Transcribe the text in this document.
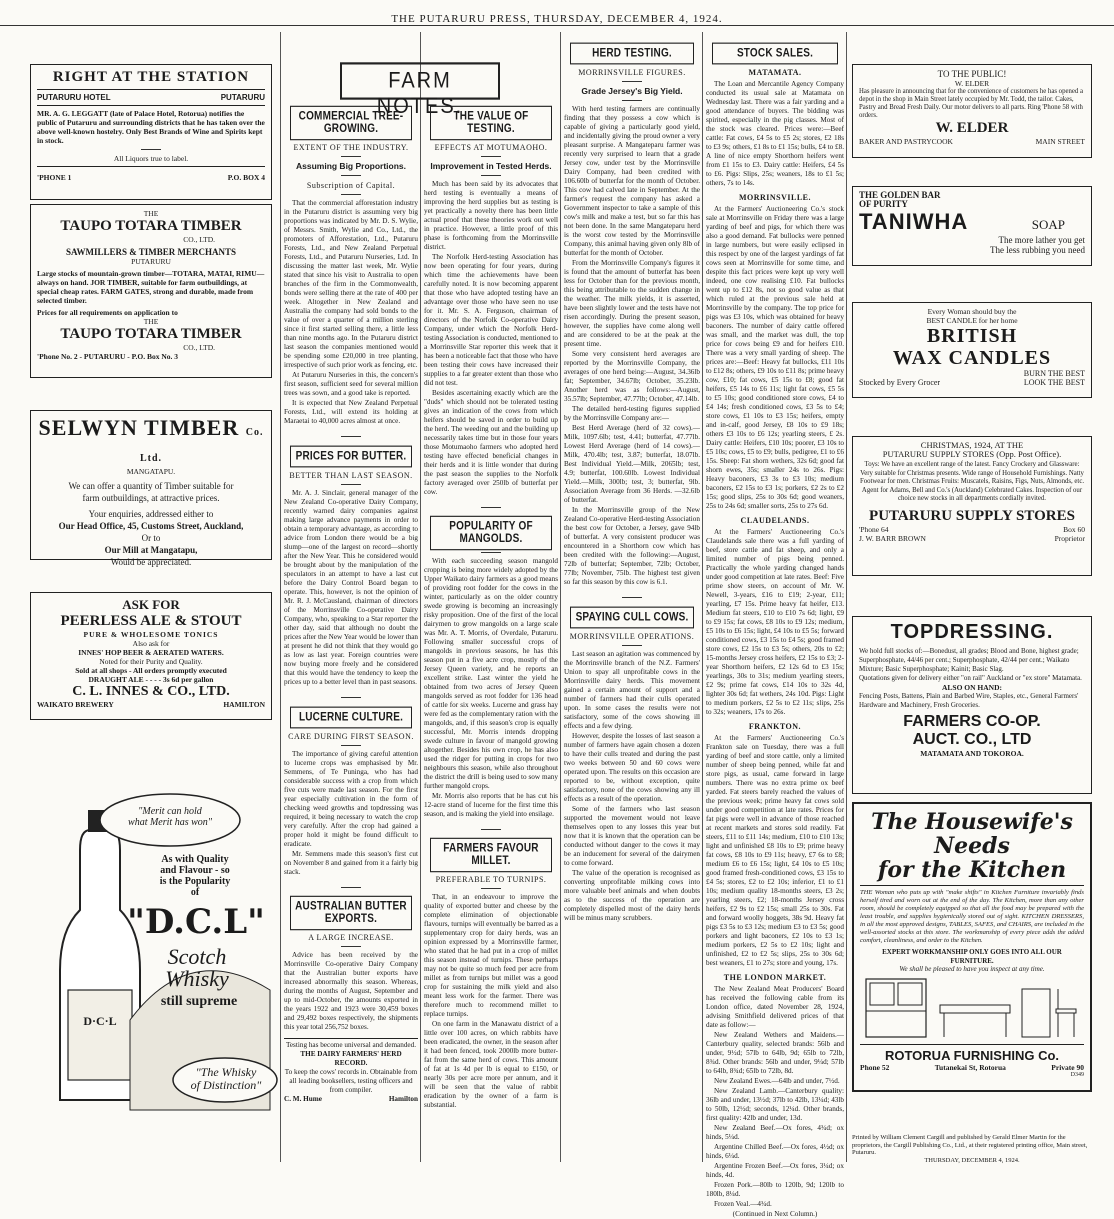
THE PUTARURU PRESS, THURSDAY, DECEMBER 4, 1924.
RIGHT AT THE STATION
PUTARURU HOTEL	PUTARURU
MR. A. G. LEGGATT (late of Palace Hotel, Rotorua) notifies the public of Putaruru and surrounding districts that he has taken over the above well-known hostelry. Only Best Brands of Wine and Spirits kept in stock.
All Liquors true to label.
'PHONE 1	P.O. BOX 4
THE
TAUPO TOTARA TIMBER
CO., LTD.
SAWMILLERS & TIMBER MERCHANTS
PUTARURU
Large stocks of mountain-grown timber—TOTARA, MATAI, RIMU—always on hand. JOR TIMBER, suitable for farm outbuildings, at special cheap rates. FARM GATES, strong and durable, made from selected timber.
Prices for all requirements on application to
THE
TAUPO TOTARA TIMBER
CO., LTD.
'Phone No. 2 - PUTARURU - P.O. Box No. 3
SELWYN TIMBER Co. Ltd.
MANGATAPU.
We can offer a quantity of Timber suitable for
farm outbuildings, at attractive prices.
Your enquiries, addressed either to
Our Head Office, 45, Customs Street, Auckland,
Or to
Our Mill at Mangatapu,
Would be appreciated.
ASK FOR
PEERLESS ALE & STOUT
PURE & WHOLESOME TONICS
Also ask for
INNES' HOP BEER & AERATED WATERS.
Noted for their Purity and Quality.
Sold at all shops - All orders promptly executed
DRAUGHT ALE - - - - 3s 6d per gallon
C. L. INNES & CO., LTD.
WAIKATO BREWERY	HAMILTON
"Merit can hold
what Merit has won"
As with Quality
and Flavour - so
is the Popularity
of
"D.C.L"
Scotch
Whisky
still supreme
D·C·L
"The Whisky
of Distinction"
FARM NOTES.
COMMERCIAL TREE-GROWING.
EXTENT OF THE INDUSTRY.
Assuming Big Proportions.
Subscription of Capital.

That the commercial afforestation industry in the Putaruru district is assuming very big proportions was indicated by Mr. D. S. Wylie, of Messrs. Smith, Wylie and Co., Ltd., the promoters of Afforestation, Ltd., Putaruru Forests, Ltd., and New Zealand Perpetual Forests, Ltd., and Putaruru Nurseries, Ltd. In discussing the matter last week, Mr. Wylie stated that since his visit to Australia to open branches of the firm in the Commonwealth, bonds were selling there at the rate of 400 per week. Altogether in New Zealand and Australia the company had sold bonds to the value of over a quarter of a million sterling since it first started selling there, a little less than nine months ago. In the Putaruru district last season the companies mentioned would be spending some £20,000 in tree planting, irrespective of such prior work as fencing, etc.

At Putaruru Nurseries in this, the concern's first season, sufficient seed for several million trees was sown, and a good take is reported.

It is expected that New Zealand Perpetual Forests, Ltd., will extend its holding at Maraetai to 40,000 acres almost at once.

PRICES FOR BUTTER.
BETTER THAN LAST SEASON.

Mr. A. J. Sinclair, general manager of the New Zealand Co-operative Dairy Company, recently warned dairy companies against making large advance payments in order to obtain a temporary advantage, as according to advice from London there would be a big slump—one of the largest on record—shortly after the New Year. This he considered would be brought about by the manipulation of the speculators in an attempt to have a last cut before the Dairy Control Board began to operate. This, however, is not the opinion of Mr. R. J. McCausland, chairman of directors of the Morrinsville Co-operative Dairy Company, who, speaking to a Star reporter the other day, said that although no doubt the prices after the New Year would be lower than at present he did not think that they would go as low as last year. Foreign countries were now buying more freely and he considered that this would have the tendency to keep the prices up to a better level than in past seasons.

LUCERNE CULTURE.
CARE DURING FIRST SEASON.

The importance of giving careful attention to lucerne crops was emphasised by Mr. Semmens, of Te Puninga, who has had considerable success with a crop from which five cuts were made last season. For the first year especially cultivation in the form of checking weed growths and topdressing was required, it being necessary to watch the crop very carefully. After the crop had gained a proper hold it might be found difficult to eradicate.

Mr. Semmens made this season's first cut on November 8 and gained from it a fairly big stack.

AUSTRALIAN BUTTER EXPORTS.
A LARGE INCREASE.

Advice has been received by the Morrinsville Co-operative Dairy Company that the Australian butter exports have increased abnormally this season. Whereas, during the months of August, September and up to mid-October, the amounts exported in the years 1922 and 1923 were 30,459 boxes and 29,492 boxes respectively, the shipments this year total 256,752 boxes.

Testing has become universal and demanded.
THE DAIRY FARMERS' HERD RECORD.
To keep the cows' records in. Obtainable from all leading booksellers, testing officers and from compiler.
C. M. Hume	Hamilton
THE VALUE OF TESTING.
EFFECTS AT MOTUMAOHO.
Improvement in Tested Herds.

Much has been said by its advocates that herd testing is eventually a means of improving the herd supplies but as testing is yet practically a novelty there has been little actual proof that these theories work out well in practice. However, a little proof of this phase is forthcoming from the Morrinsville district.

The Norfolk Herd-testing Association has now been operating for four years, during which time the achievements have been carefully noted. It is now becoming apparent that those who have adopted testing have an advantage over those who have seen no use for it. Mr. S. A. Ferguson, chairman of directors of the Norfolk Co-operative Dairy Company, under which the Norfolk Herd-testing Association is conducted, mentioned to a Morrinsville Star reporter this week that it has been a noticeable fact that those who have been testing their cows have increased their supplies to a far greater extent than those who did not test.

Besides ascertaining exactly which are the "duds" which should not be tolerated testing gives an indication of the cows from which heifers should be saved in order to build up the herd. The weeding out and the building up necessarily takes time but in those four years those Motumaoho farmers who adopted herd testing have effected beneficial changes in their herds and it is little wonder that during the past season the supplies to the Norfolk factory averaged over 250lb of butterfat per cow.

POPULARITY OF MANGOLDS.

With each succeeding season mangold cropping is being more widely adopted by the Upper Waikato dairy farmers as a good means of providing root fodder for the cows in the winter, particularly as on the older country swede growing is becoming an increasingly risky proposition. One of the first of the local dairymen to grow mangolds on a large scale was Mr. A. T. Morris, of Overdale, Putaruru. Following smaller successful crops of mangolds in previous seasons, he has this season put in a five acre crop, mostly of the Jersey Queen variety, and he reports an excellent strike. Last winter the yield he obtained from two acres of Jersey Queen mangolds served as root fodder for 136 head of cattle for six weeks. Lucerne and grass hay were fed as the complementary ration with the mangolds, and, if this season's crop is equally successful, Mr. Morris intends dropping swede culture in favour of mangold growing altogether. Besides his own crop, he has also used the ridger for putting in crops for two neighbours this season, while also throughout the district the drill is being used to sow many further mangold crops.

Mr. Morris also reports that he has cut his 12-acre stand of lucerne for the first time this season, and is making the yield into ensilage.

FARMERS FAVOUR MILLET.
PREFERABLE TO TURNIPS.

That, in an endeavour to improve the quality of exported butter and cheese by the complete elimination of objectionable flavours, turnips will eventually be barred as a supplementary crop for dairy herds, was an opinion expressed by a Morrinsville farmer, who stated that he had put in a crop of millet this season instead of turnips. These perhaps may not be quite so much feed per acre from millet as from turnips but millet was a good crop for sustaining the milk yield and also meant less work for the farmer. There was therefore much to recommend millet to replace turnips.

On one farm in the Manawatu district of a little over 100 acres, on which rabbits have been eradicated, the owner, in the season after it had been fenced, took 2000lb more butter-fat from the same herd of cows. This amount of fat at 1s 4d per lb is equal to £150, or nearly 30s per acre more per annum, and it will be seen that the value of rabbit eradication by the owner of a farm is substantial.

HERD TESTING.
MORRINSVILLE FIGURES.
Grade Jersey's Big Yield.

With herd testing farmers are continually finding that they possess a cow which is capable of giving a particularly good yield, and incidentally giving the proud owner a very pleasant surprise. A Mangateparu farmer was recently very surprised to learn that a grade Jersey cow, under test by the Morrinsville Dairy Company, had been credited with 106.60lb of butterfat for the month of October. This cow had calved late in September. At the farmer's request the company has asked a Government inspector to take a sample of this cow's milk and make a test, but so far this has not been done. In the same Mangateparu herd is the worst cow tested by the Morrinsville Company, this animal having given only 8lb of butterfat for the month of October.

From the Morrinsville Company's figures it is found that the amount of butterfat has been less for October than for the previous month, this being attributable to the sudden change in the weather. The milk yields, it is asserted, have been slightly lower and the tests have not risen accordingly. During the present season, however, the supplies have come along well and are considered to be at the peak at the present time.

Some very consistent herd averages are reported by the Morrinsville Company, the averages of one herd being:—August, 34.36lb fat; September, 34.67lb; October, 35.23lb. Another herd was as follows:—August, 35.57lb; September, 47.77lb; October, 47.14lb.

The detailed herd-testing figures supplied by the Morrinsville Company are:—

Best Herd Average (herd of 32 cows).—Milk, 1097.6lb; test, 4.41; butterfat, 47.77lb. Lowest Herd Average (herd of 14 cows).—Milk, 470.4lb; test, 3.87; butterfat, 18.07lb. Best Individual Yield.—Milk, 2065lb; test, 4.9; butterfat, 100.60lb. Lowest Individual Yield.—Milk, 300lb; test, 3; butterfat, 9lb. Association Average from 36 Herds. —32.6lb of butterfat.

In the Morrinsville group of the New Zealand Co-operative Herd-testing Association the best cow for October, a Jersey, gave 94lb of butterfat. A very consistent producer was encountered in a Shorthorn cow which has been credited with the following:—August, 72lb of butterfat; September, 72lb; October, 77lb; November, 75lb. The highest test given so far this season by this cow is 6.1.

SPAYING CULL COWS.
MORRINSVILLE OPERATIONS.

Last season an agitation was commenced by the Morrinsville branch of the N.Z. Farmers' Union to spay all unprofitable cows in the Morrinsville dairy herds. This movement gained a certain amount of support and a number of farmers had their culls operated upon. In some cases the results were not satisfactory, some of the cows showing ill effects and a few dying.

However, despite the losses of last season a number of farmers have again chosen a dozen to have their culls treated and during the past two weeks between 50 and 60 cows were operated upon. The results on this occasion are reported to be, without exception, quite satisfactory, none of the cows showing any ill effects as a result of the operation.

Some of the farmers who last season supported the movement would not leave themselves open to any losses this year but now that it is known that the operation can be conducted without danger to the cows it may be an inducement for several of the dairymen to come forward.

The value of the operation is recognised as converting unprofitable milking cows into more valuable beef animals and when doubts as to the success of the operation are completely dispelled most of the dairy herds will be minus many scrubbers.

STOCK SALES.
MATAMATA.

The Loan and Mercantile Agency Company conducted its usual sale at Matamata on Wednesday last. There was a fair yarding and a good attendance of buyers. The bidding was spirited, especially in the pig classes. Most of the stock was cleared. Prices were:—Beef cattle: Fat cows, £4 5s to £5 2s; stores, £2 18s to £3 9s; others, £1 8s to £1 15s; bulls, £4 to £8. A line of nice empty Shorthorn heifers went from £1 15s to £3. Dairy cattle: Heifers, £4 5s to £6. Pigs: Slips, 25s; weaners, 18s to £1 5s; others, 7s to 14s.

MORRINSVILLE.

At the Farmers' Auctioneering Co.'s stock sale at Morrinsville on Friday there was a large yarding of beef and pigs, for which there was also a good demand. Fat bullocks were penned in large numbers, but were easily eclipsed in this respect by one of the largest yardings of fat cows seen at Morrinsville for some time, and despite this fact prices were kept up very well indeed, one cow realising £10. Fat bullocks went up to £12 8s, not so good value as that which ruled at the previous sale held at Morrinsville by the company. The top price for pigs was £3 10s, which was obtained for heavy baconers. The number of dairy cattle offered was small, and the market was dull, the top price for cows being £9 and for heifers £10. There was a very small yarding of sheep. The prices are:—Beef: Heavy fat bullocks, £11 10s to £12 8s; others, £9 10s to £11 8s; prime heavy cow, £10; fat cows, £5 15s to £8; good fat heifers, £5 14s to £6 11s; light fat cows, £5 5s to £5 10s; good conditioned store cows, £4 to £4 14s; fresh conditioned cows, £3 5s to £4; store cows, £1 10s to £3 15s; heifers, empty and in-calf, good Jersey, £8 10s to £9 18s; others £3 10s to £6 12s; yearling steers, £ 2s. Dairy cattle: Heifers, £10 10s; poorer, £3 10s to £5 10s; cows, £5 to £9; bulls, pedigree, £1 to £6 15s. Sheep: Fat shorn wethers, 32s 6d; good fat shorn ewes, 35s; smaller 24s to 26s. Pigs: Heavy baconers, £3 3s to £3 10s; medium baconers, £2 15s to £3 1s; porkers, £2 2s to £2 15s; good slips, 25s to 30s 6d; good weaners, 25s to 24s 6d; smaller sorts, 25s to 27s 6d.

CLAUDELANDS.

At the Farmers' Auctioneering Co.'s Claudelands sale there was a full yarding of beef, store cattle and fat sheep, and only a limited number of pigs being penned. Practically the whole yarding changed hands under good competition at late rates. Beef: Five prime show steers, on account of Mr. W. Newell, 3-years, £16 to £19; 2-year, £11; yearling, £7 15s. Prime heavy fat heifer, £13. Medium fat steers, £10 to £10 7s 6d; light, £9 to £9 15s; fat cows, £8 10s to £9 12s; medium, £5 10s to £6 15s; light, £4 10s to £5 5s; forward conditioned cows, £3 15s to £4 5s; good framed store cows, £2 15s to £3 5s; others, 20s to £2; 15-months Jersey cross heifers, £2 15s to £3; 2-year Shorthorn heifers, £2 12s 6d to £3 15s; yearlings, 30s to 31s; medium yearling steers, £2 9s; prime fat cows, £14 10s to 32s 4d, lighter 30s 6d; fat wethers, 24s 10d. Pigs: Light to medium porkers, £2 5s to £2 11s; slips, 25s to 32s; weaners, 17s to 26s.

FRANKTON.

At the Farmers' Auctioneering Co.'s Frankton sale on Tuesday, there was a full yarding of beef and store cattle, only a limited number of sheep being penned, while fat and store pigs, as usual, came forward in large numbers. There was no extra prime ox beef yarded. Fat steers barely reached the values of the previous week; prime heavy fat cows sold under good competition at late rates. Prices for fat pigs were well in advance of those reached at recent markets and stores sold readily. Fat steers, £11 to £11 14s; medium, £10 to £10 13s; light and unfinished £8 10s to £9; prime heavy fat cows, £8 10s to £9 11s; heavy, £7 6s to £8; medium £6 to £6 15s; light, £4 10s to £5 10s; good framed fresh-conditioned cows, £3 15s to £4 5s; stores, £2 to £2 10s; inferior, £1 to £1 10s; medium quality 18-months steers, £3 2s; yearling steers, £2; 18-months Jersey cross heifers, £2 9s to £2 15s; small 25s to 30s. Fat and forward woolly hoggets, 38s 9d. Heavy fat pigs £3 5s to £3 12s; medium £3 to £3 5s; good porkers and light baconers, £2 10s to £3 1s; medium porkers, £2 5s to £2 10s; light and unfinished, £2 to £2 5s; slips, 25s to 30s 6d; best weaners, £1 to 27s; store and young, 17s.

THE LONDON MARKET.

The New Zealand Meat Producers' Board has received the following cable from its London office, dated November 28, 1924, advising Smithfield delivered prices of that date as follow:—

New Zealand Wethers and Maidens.—Canterbury quality, selected brands: 56lb and under, 9½d; 57lb to 64lb, 9d; 65lb to 72lb, 8¾d. Other brands: 56lb and under, 9¼d; 57lb to 64lb, 8¾d; 65lb to 72lb, 8d.

New Zealand Ewes.—64lb and under, 7½d.

New Zealand Lamb.—Canterbury quality: 36lb and under, 13½d; 37lb to 42lb, 13¼d; 43lb to 50lb, 12½d; seconds, 12¼d. Other brands, first quality: 42lb and under, 13d.

New Zealand Beef.—Ox fores, 4¾d; ox hinds, 5¼d.

Argentine Chilled Beef.—Ox fores, 4½d; ox hinds, 6¼d.

Argentine Frozen Beef.—Ox fores, 3¼d; ox hinds, 4d.

Frozen Pork.—80lb to 120lb, 9d; 120lb to 180lb, 8¼d.

Frozen Veal.—4¾d.

(Continued in Next Column.)
TO THE PUBLIC!
W. ELDER
Has pleasure in announcing that for the convenience of customers he has opened a depot in the shop in Main Street lately occupied by Mr. Todd, the tailor. Cakes, Pastry and Bread Fresh Daily. Our motor delivers to all parts. Ring 'Phone 58 with orders.
W. ELDER
BAKER AND PASTRYCOOK	MAIN STREET
THE GOLDEN BAR
OF PURITY
TANIWHA	SOAP
The more lather you get
The less rubbing you need
Every Woman should buy the
BEST CANDLE for her home
BRITISH
WAX CANDLES
BURN THE BEST
Stocked by Every Grocer	LOOK THE BEST
CHRISTMAS, 1924, AT THE
PUTARURU SUPPLY STORES (Opp. Post Office).
Toys: We have an excellent range of the latest. Fancy Crockery and Glassware: Very suitable for Christmas presents. Wide range of Household Furnishings. Natty Footwear for men. Christmas Fruits: Muscatels, Raisins, Figs, Nuts, Almonds, etc. Agent for Adams, Bell and Co.'s (Auckland) Celebrated Cakes. Inspection of our choice new stocks in all departments cordially invited.
PUTARURU SUPPLY STORES
'Phone 64	Box 60
J. W. BARR BROWN	Proprietor
TOPDRESSING.
We hold full stocks of:—Bonedust, all grades; Blood and Bone, highest grade; Superphosphate, 44/46 per cent.; Superphosphate, 42/44 per cent.; Waikato Mixture; Basic Superphosphate; Kainit; Basic Slag.
Quotations given for delivery either "on rail" Auckland or "ex store" Matamata.
ALSO ON HAND:
Fencing Posts, Battens, Plain and Barbed Wire, Staples, etc., General Farmers' Hardware and Machinery, Fresh Groceries.
FARMERS CO-OP.
AUCT. CO., LTD
MATAMATA AND TOKOROA.
The Housewife's Needs
for the Kitchen
THE Woman who puts up with "make shifts" in Kitchen Furniture invariably finds herself tired and worn out at the end of the day. The Kitchen, more than any other room, should be completely equipped so that all the food may be prepared with the least trouble, and supplies hygienically stored out of sight. KITCHEN DRESSERS, in all the most approved designs, TABLES, SAFES, and CHAIRS, are included in the well-assorted stocks at this store. The workmanship of every piece adds the added comfort, cleanliness, and order to the Kitchen.
EXPERT WORKMANSHIP ONLY GOES INTO ALL OUR FURNITURE.
We shall be pleased to have you inspect at any time.
ROTORUA FURNISHING Co.
Phone 52	Tutanekai St, Rotorua	Private 90
D349
Printed by William Clement Cargill and published by Gerald Elmer Martin for the proprietors, the Cargill Publishing Co., Ltd., at their registered printing office, Main street, Putaruru.
THURSDAY, DECEMBER 4, 1924.
